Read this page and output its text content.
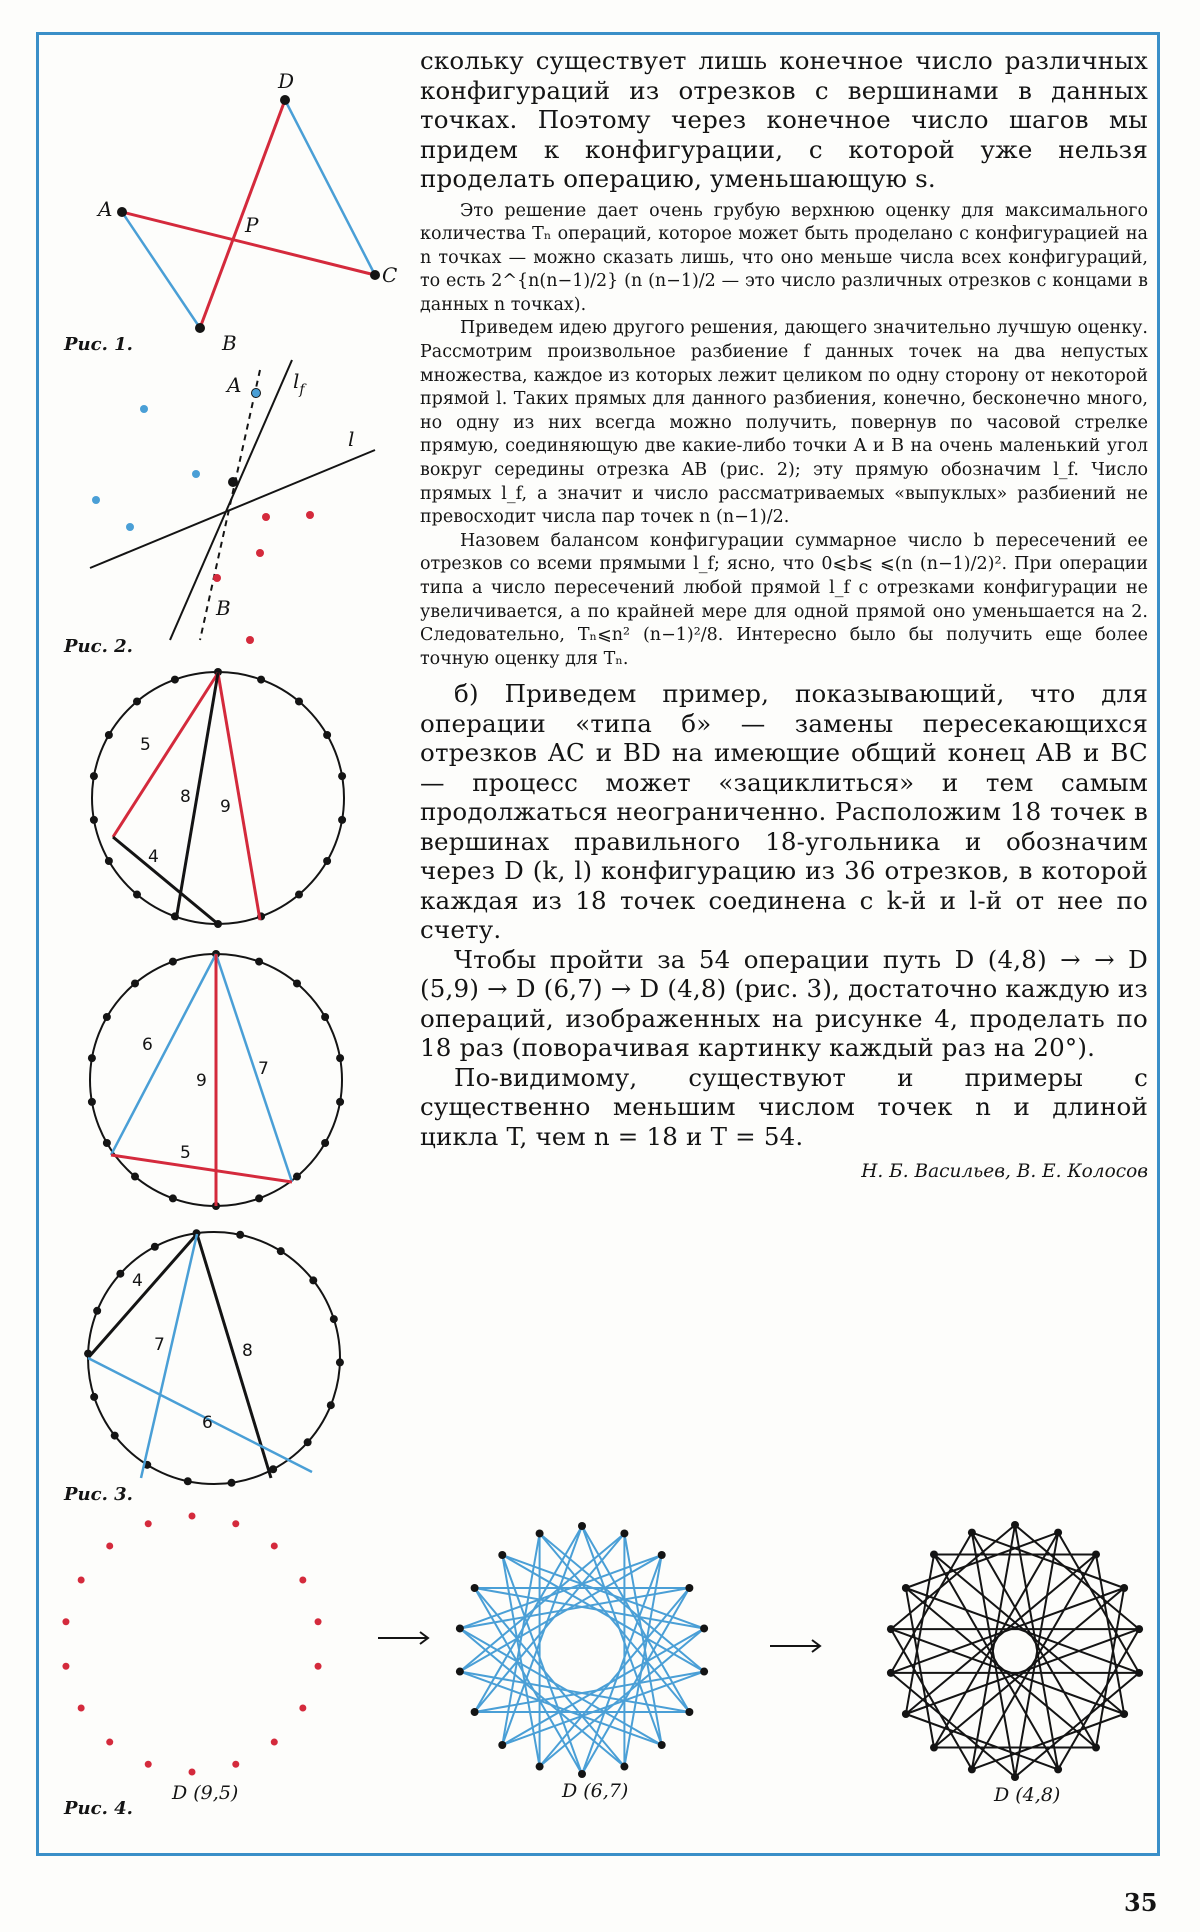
скольку существует лишь конечное число различных конфигураций из отрезков с вершинами в данных точках. Поэтому через конечное число шагов мы придем к конфигурации, с которой уже нельзя проделать операцию, уменьшающую s.

Это решение дает очень грубую верхнюю оценку для максимального количества Tₙ операций, которое может быть проделано с конфигурацией на n точках — можно сказать лишь, что оно меньше числа всех конфигураций, то есть 2^{n(n−1)/2} (n (n−1)/2 — это число различных отрезков с концами в данных n точках).

Приведем идею другого решения, дающего значительно лучшую оценку. Рассмотрим произвольное разбиение f данных точек на два непустых множества, каждое из которых лежит целиком по одну сторону от некоторой прямой l. Таких прямых для данного разбиения, конечно, бесконечно много, но одну из них всегда можно получить, повернув по часовой стрелке прямую, соединяющую две какие-либо точки A и B на очень маленький угол вокруг середины отрезка AB (рис. 2); эту прямую обозначим l_f. Число прямых l_f, а значит и число рассматриваемых «выпуклых» разбиений не превосходит числа пар точек n (n−1)/2.

Назовем балансом конфигурации суммарное число b пересечений ее отрезков со всеми прямыми l_f; ясно, что 0⩽b⩽ ⩽(n (n−1)/2)². При операции типа a число пересечений любой прямой l_f с отрезками конфигурации не увеличивается, а по крайней мере для одной прямой оно уменьшается на 2. Следовательно, Tₙ⩽n² (n−1)²/8. Интересно было бы получить еще более точную оценку для Tₙ.

б) Приведем пример, показывающий, что для операции «типа б» — замены пересекающихся отрезков AC и BD на имеющие общий конец AB и BC — процесс может «зациклиться» и тем самым продолжаться неограниченно. Расположим 18 точек в вершинах правильного 18-угольника и обозначим через D (k, l) конфигурацию из 36 отрезков, в которой каждая из 18 точек соединена с k-й и l-й от нее по счету.

Чтобы пройти за 54 операции путь D (4,8) → → D (5,9) → D (6,7) → D (4,8) (рис. 3), достаточно каждую из операций, изображенных на рисунке 4, проделать по 18 раз (поворачивая картинку каждый раз на 20°).

По-видимому, существуют и примеры с существенно меньшим числом точек n и длиной цикла T, чем n = 18 и T = 54.

Н. Б. Васильев, В. Е. Колосов
D
A
P
C
B
Рис. 1.
A	$l_f$
l
B
Рис. 2.
5
8 9
4
6
9
7
5
4
7	8
6
Рис. 3.
D (9,5)	D (6,7)	D (4,8)
Рис. 4.
35
